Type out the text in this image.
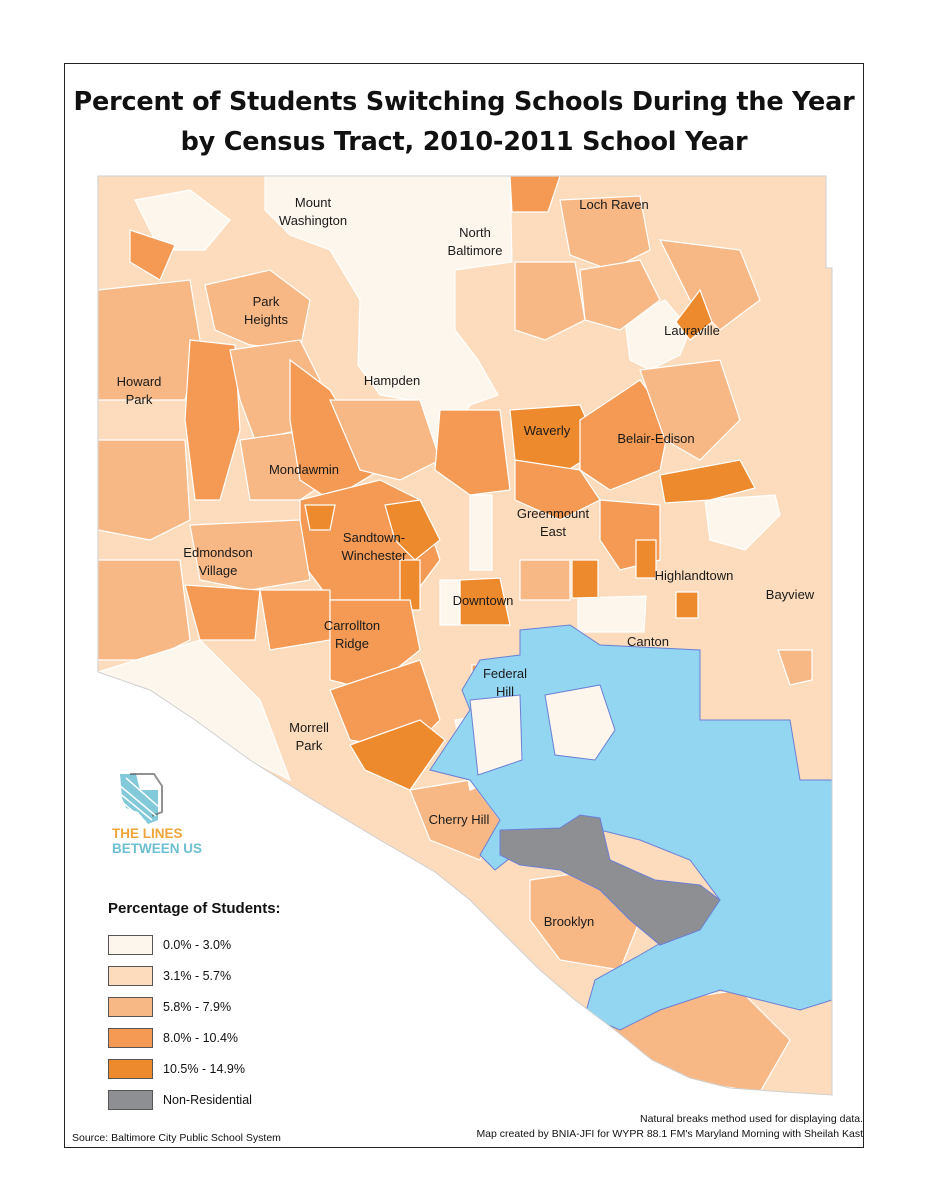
Percent of Students Switching Schools During the Year
by Census Tract, 2010-2011 School Year
Mount
Washington
North
Baltimore
Loch Raven
Park
Heights
Lauraville
Howard
Park
Hampden
Waverly
Belair-Edison
Mondawmin
Greenmount
East
Sandtown-
Winchester
Edmondson
Village	Highlandtown
Bayview
Downtown
Carrollton
Ridge	Canton
Federal
Hill
Morrell
Park
Cherry Hill
Brooklyn
THE LINES
BETWEEN US
Percentage of Students:
0.0% - 3.0%
3.1% - 5.7%
5.8% - 7.9%
8.0% - 10.4%
10.5% - 14.9%
Non-Residential
Source: Baltimore City Public School System
Natural breaks method used for displaying data.
Map created by BNIA-JFI for WYPR 88.1 FM's Maryland Morning with Sheilah Kast
